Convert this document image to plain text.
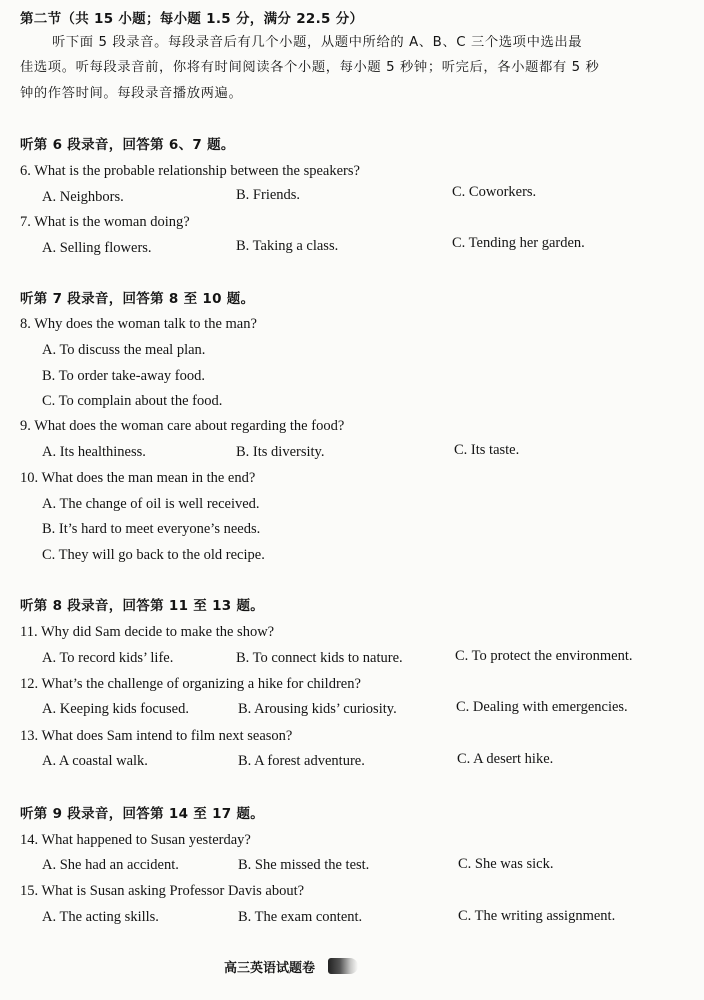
第二节（共 15 小题；每小题 1.5 分，满分 22.5 分）
听下面 5 段录音。每段录音后有几个小题，从题中所给的 A、B、C 三个选项中选出最
佳选项。听每段录音前，你将有时间阅读各个小题，每小题 5 秒钟；听完后，各小题都有 5 秒
钟的作答时间。每段录音播放两遍。
听第 6 段录音，回答第 6、7 题。
6. What is the probable relationship between the speakers?
A. Neighbors.	B. Friends.	C. Coworkers.
7. What is the woman doing?
A. Selling flowers.	B. Taking a class.	C. Tending her garden.
听第 7 段录音，回答第 8 至 10 题。
8. Why does the woman talk to the man?
A. To discuss the meal plan.
B. To order take-away food.
C. To complain about the food.
9. What does the woman care about regarding the food?
A. Its healthiness.	B. Its diversity.	C. Its taste.
10. What does the man mean in the end?
A. The change of oil is well received.
B. It’s hard to meet everyone’s needs.
C. They will go back to the old recipe.
听第 8 段录音，回答第 11 至 13 题。
11. Why did Sam decide to make the show?
A. To record kids’ life.	B. To connect kids to nature.	C. To protect the environment.
12. What’s the challenge of organizing a hike for children?
A. Keeping kids focused.	B. Arousing kids’ curiosity.	C. Dealing with emergencies.
13. What does Sam intend to film next season?
A. A coastal walk.	B. A forest adventure.	C. A desert hike.
听第 9 段录音，回答第 14 至 17 题。
14. What happened to Susan yesterday?
A. She had an accident.	B. She missed the test.	C. She was sick.
15. What is Susan asking Professor Davis about?
A. The acting skills.	B. The exam content.	C. The writing assignment.
高三英语试题卷
